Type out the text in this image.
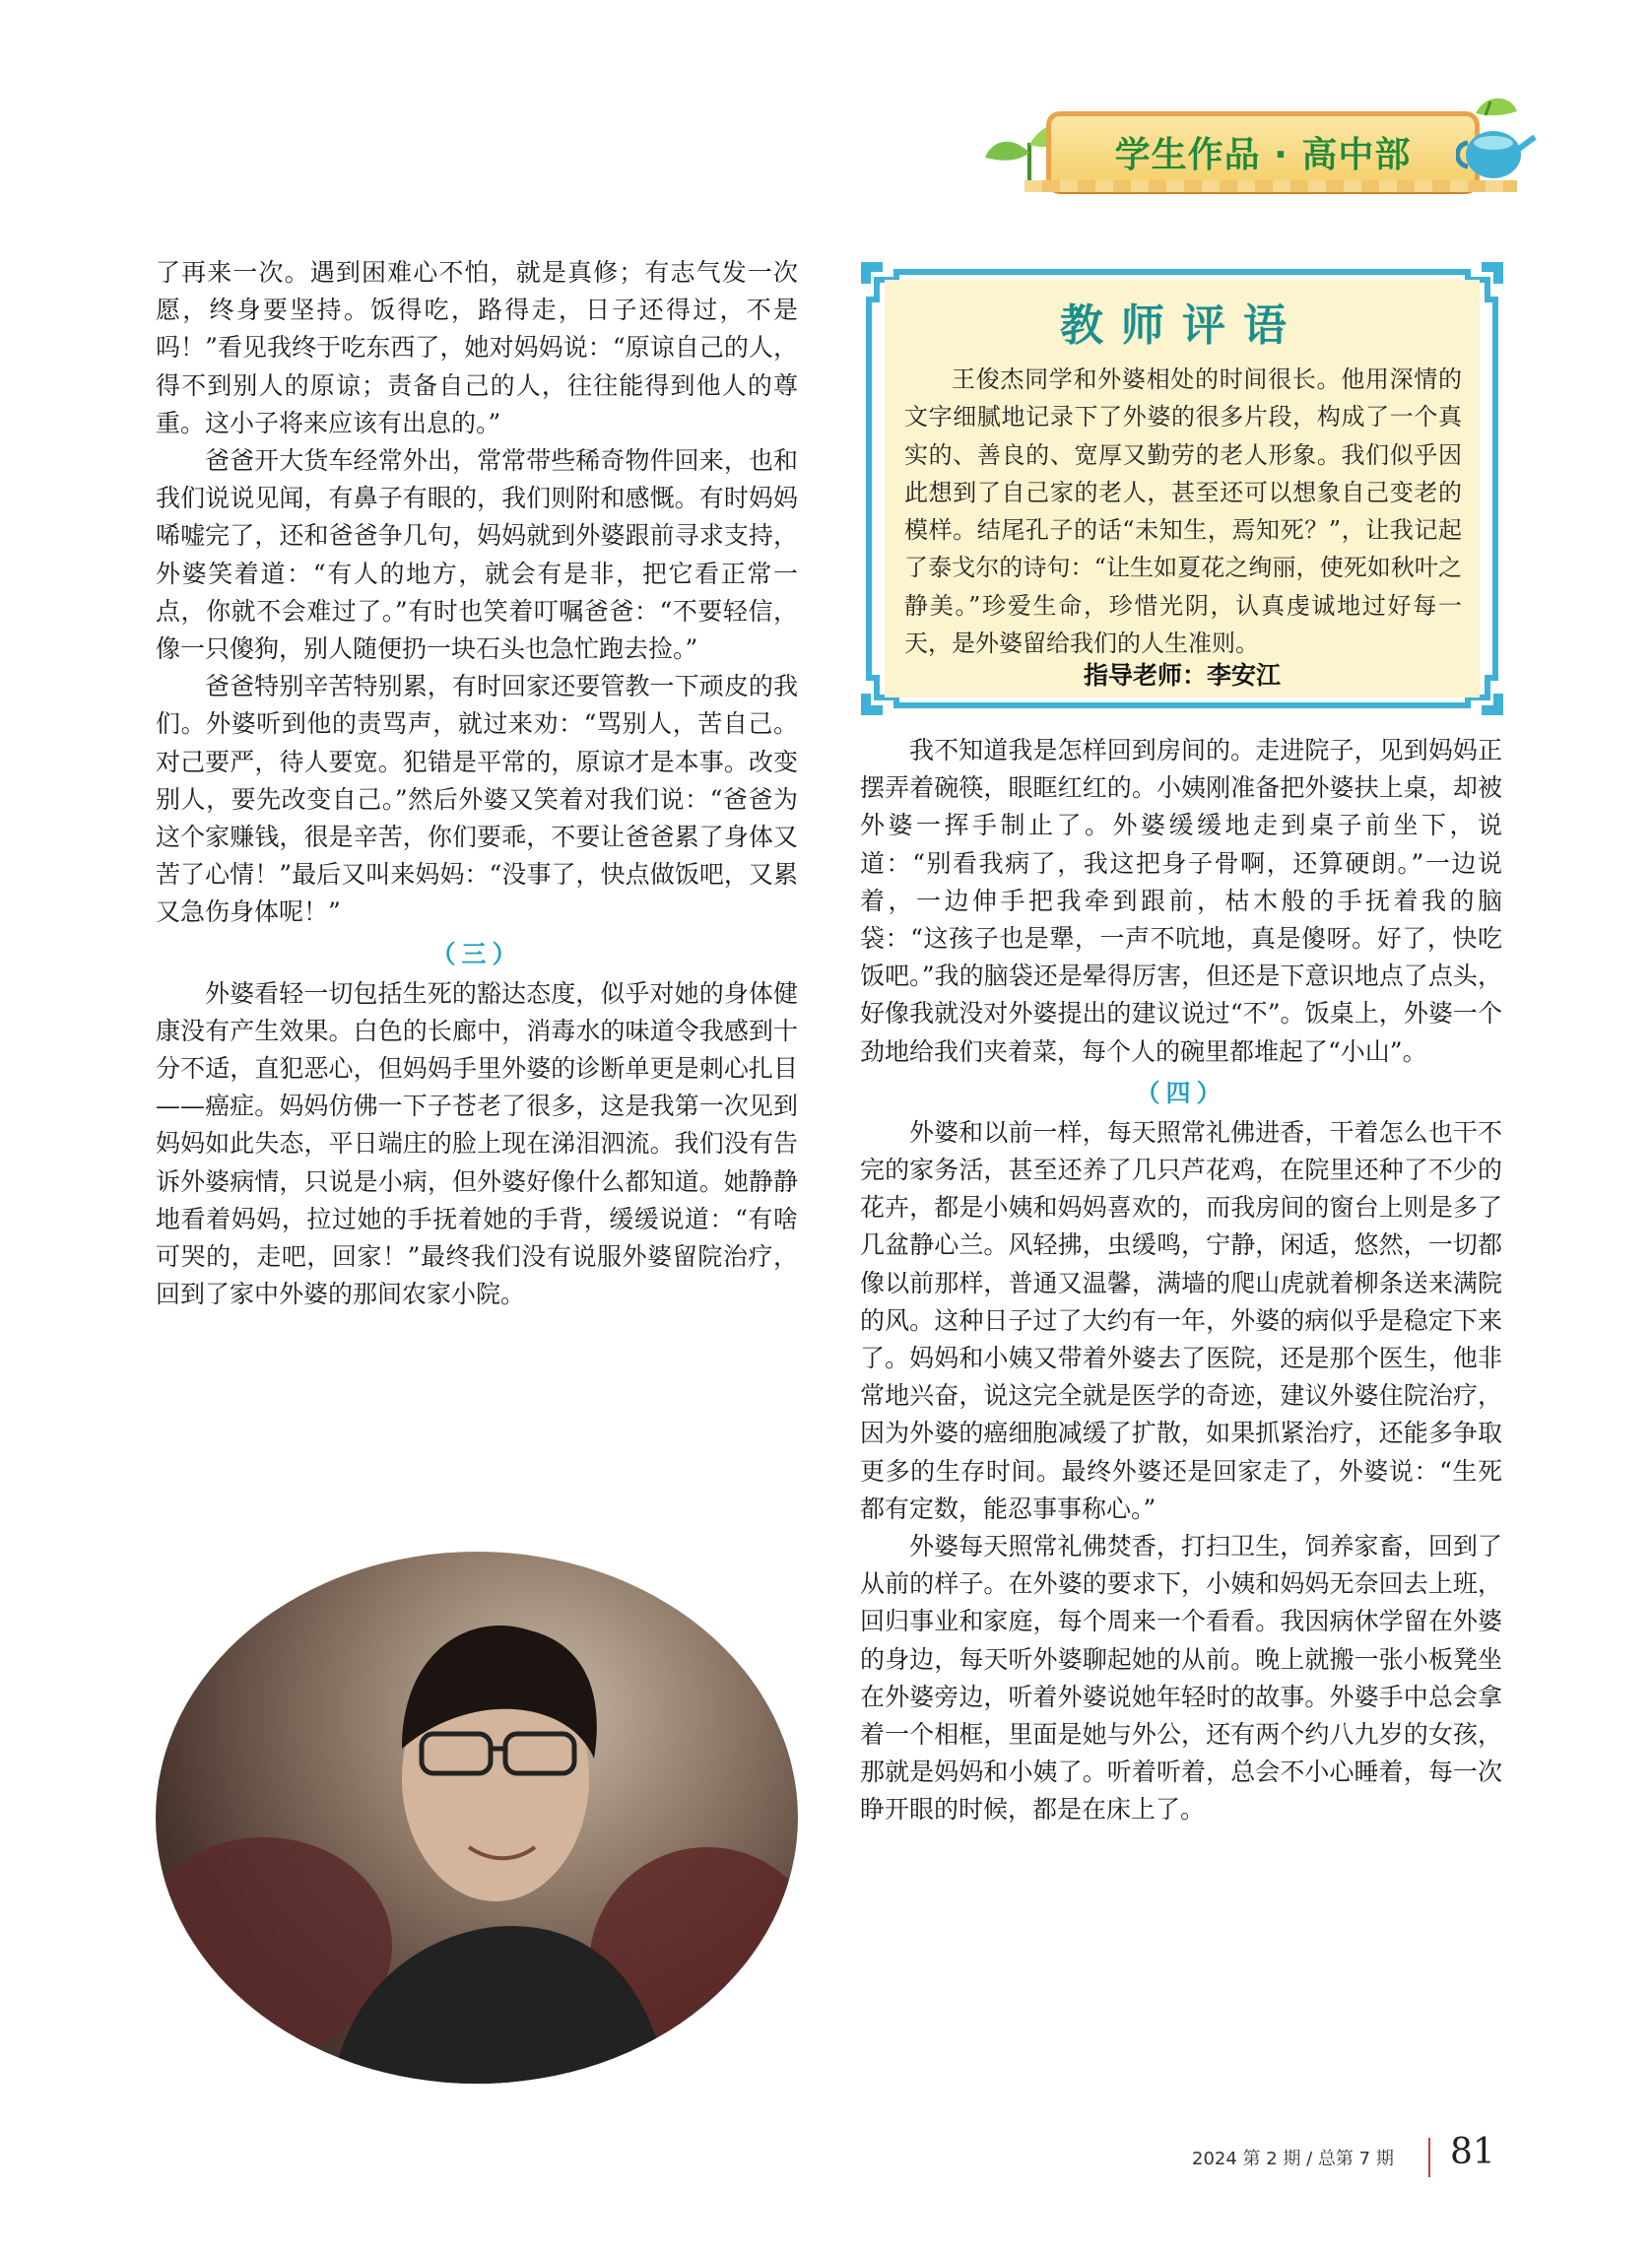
学生作品 · 高中部

了再来一次。遇到困难心不怕，就是真修；有志气发一次愿，终身要坚持。饭得吃，路得走，日子还得过，不是吗！”看见我终于吃东西了，她对妈妈说：“原谅自己的人，得不到别人的原谅；责备自己的人，往往能得到他人的尊重。这小子将来应该有出息的。”

爸爸开大货车经常外出，常常带些稀奇物件回来，也和我们说说见闻，有鼻子有眼的，我们则附和感慨。有时妈妈唏嘘完了，还和爸爸争几句，妈妈就到外婆跟前寻求支持，外婆笑着道：“有人的地方，就会有是非，把它看正常一点，你就不会难过了。”有时也笑着叮嘱爸爸：“不要轻信，像一只傻狗，别人随便扔一块石头也急忙跑去捡。”

爸爸特别辛苦特别累，有时回家还要管教一下顽皮的我们。外婆听到他的责骂声，就过来劝：“骂别人，苦自己。对己要严，待人要宽。犯错是平常的，原谅才是本事。改变别人，要先改变自己。”然后外婆又笑着对我们说：“爸爸为这个家赚钱，很是辛苦，你们要乖，不要让爸爸累了身体又苦了心情！”最后又叫来妈妈：“没事了，快点做饭吧，又累又急伤身体呢！”

（三）

外婆看轻一切包括生死的豁达态度，似乎对她的身体健康没有产生效果。白色的长廊中，消毒水的味道令我感到十分不适，直犯恶心，但妈妈手里外婆的诊断单更是刺心扎目——癌症。妈妈仿佛一下子苍老了很多，这是我第一次见到妈妈如此失态，平日端庄的脸上现在涕泪泗流。我们没有告诉外婆病情，只说是小病，但外婆好像什么都知道。她静静地看着妈妈，拉过她的手抚着她的手背，缓缓说道：“有啥可哭的，走吧，回家！”最终我们没有说服外婆留院治疗，回到了家中外婆的那间农家小院。

教师评语
王俊杰同学和外婆相处的时间很长。他用深情的文字细腻地记录下了外婆的很多片段，构成了一个真实的、善良的、宽厚又勤劳的老人形象。我们似乎因此想到了自己家的老人，甚至还可以想象自己变老的模样。结尾孔子的话“未知生，焉知死？”，让我记起了泰戈尔的诗句：“让生如夏花之绚丽，使死如秋叶之静美。”珍爱生命，珍惜光阴，认真虔诚地过好每一天，是外婆留给我们的人生准则。
指导老师：李安江

我不知道我是怎样回到房间的。走进院子，见到妈妈正摆弄着碗筷，眼眶红红的。小姨刚准备把外婆扶上桌，却被外婆一挥手制止了。外婆缓缓地走到桌子前坐下，说道：“别看我病了，我这把身子骨啊，还算硬朗。”一边说着，一边伸手把我牵到跟前，枯木般的手抚着我的脑袋：“这孩子也是犟，一声不吭地，真是傻呀。好了，快吃饭吧。”我的脑袋还是晕得厉害，但还是下意识地点了点头，好像我就没对外婆提出的建议说过“不”。饭桌上，外婆一个劲地给我们夹着菜，每个人的碗里都堆起了“小山”。

（四）

外婆和以前一样，每天照常礼佛进香，干着怎么也干不完的家务活，甚至还养了几只芦花鸡，在院里还种了不少的花卉，都是小姨和妈妈喜欢的，而我房间的窗台上则是多了几盆静心兰。风轻拂，虫缓鸣，宁静，闲适，悠然，一切都像以前那样，普通又温馨，满墙的爬山虎就着柳条送来满院的风。这种日子过了大约有一年，外婆的病似乎是稳定下来了。妈妈和小姨又带着外婆去了医院，还是那个医生，他非常地兴奋，说这完全就是医学的奇迹，建议外婆住院治疗，因为外婆的癌细胞减缓了扩散，如果抓紧治疗，还能多争取更多的生存时间。最终外婆还是回家走了，外婆说：“生死都有定数，能忍事事称心。”

外婆每天照常礼佛焚香，打扫卫生，饲养家畜，回到了从前的样子。在外婆的要求下，小姨和妈妈无奈回去上班，回归事业和家庭，每个周来一个看看。我因病休学留在外婆的身边，每天听外婆聊起她的从前。晚上就搬一张小板凳坐在外婆旁边，听着外婆说她年轻时的故事。外婆手中总会拿着一个相框，里面是她与外公，还有两个约八九岁的女孩，那就是妈妈和小姨了。听着听着，总会不小心睡着，每一次睁开眼的时候，都是在床上了。

2024 第 2 期 / 总第 7 期 81
